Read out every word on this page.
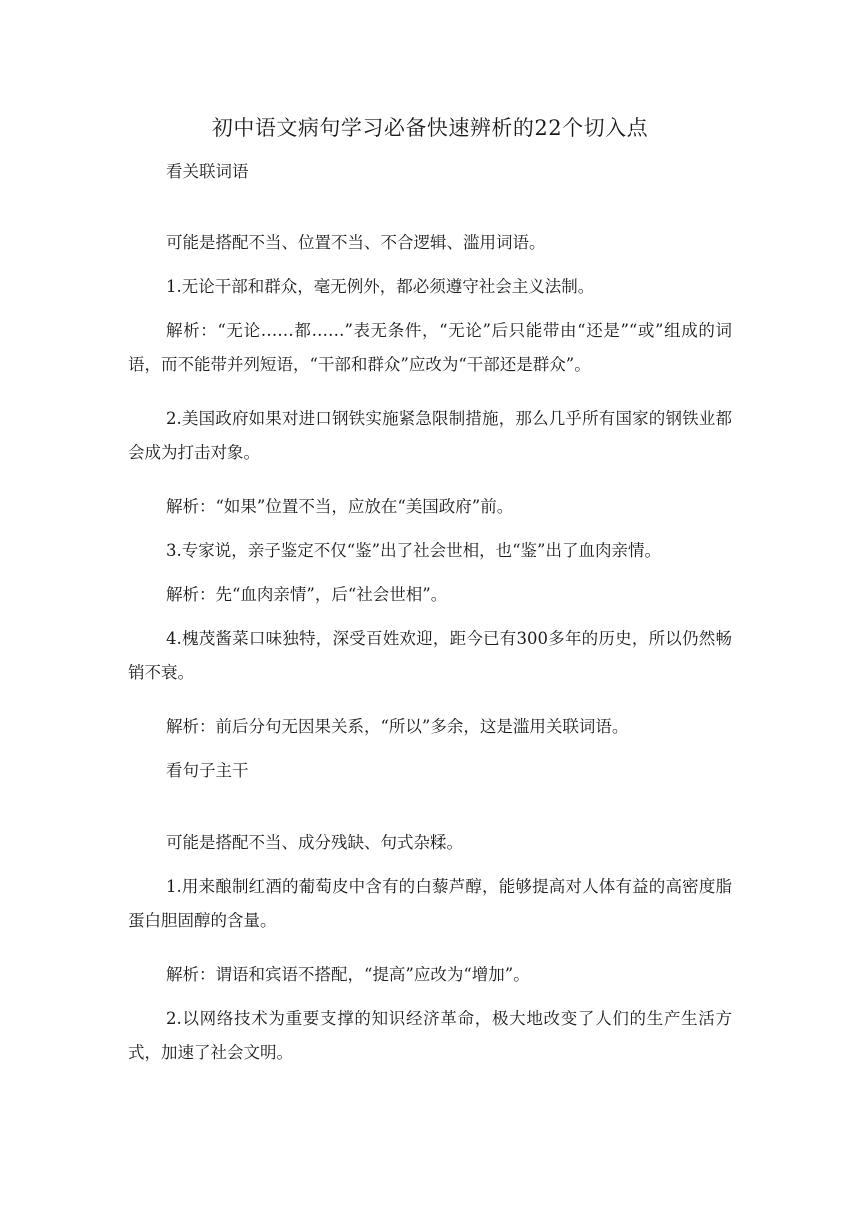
初中语文病句学习必备快速辨析的22个切入点
看关联词语
可能是搭配不当、位置不当、不合逻辑、滥用词语。
1.无论干部和群众，毫无例外，都必须遵守社会主义法制。
解析：“无论……都……”表无条件，“无论”后只能带由“还是”“或”组成的词语，而不能带并列短语，“干部和群众”应改为“干部还是群众”。
2.美国政府如果对进口钢铁实施紧急限制措施，那么几乎所有国家的钢铁业都会成为打击对象。
解析：“如果”位置不当，应放在“美国政府”前。
3.专家说，亲子鉴定不仅“鉴”出了社会世相，也“鉴”出了血肉亲情。
解析：先“血肉亲情”，后“社会世相”。
4.槐茂酱菜口味独特，深受百姓欢迎，距今已有300多年的历史，所以仍然畅销不衰。
解析：前后分句无因果关系，“所以”多余，这是滥用关联词语。
看句子主干
可能是搭配不当、成分残缺、句式杂糅。
1.用来酿制红酒的葡萄皮中含有的白藜芦醇，能够提高对人体有益的高密度脂蛋白胆固醇的含量。
解析：谓语和宾语不搭配，“提高”应改为“增加”。
2.以网络技术为重要支撑的知识经济革命，极大地改变了人们的生产生活方式，加速了社会文明。
